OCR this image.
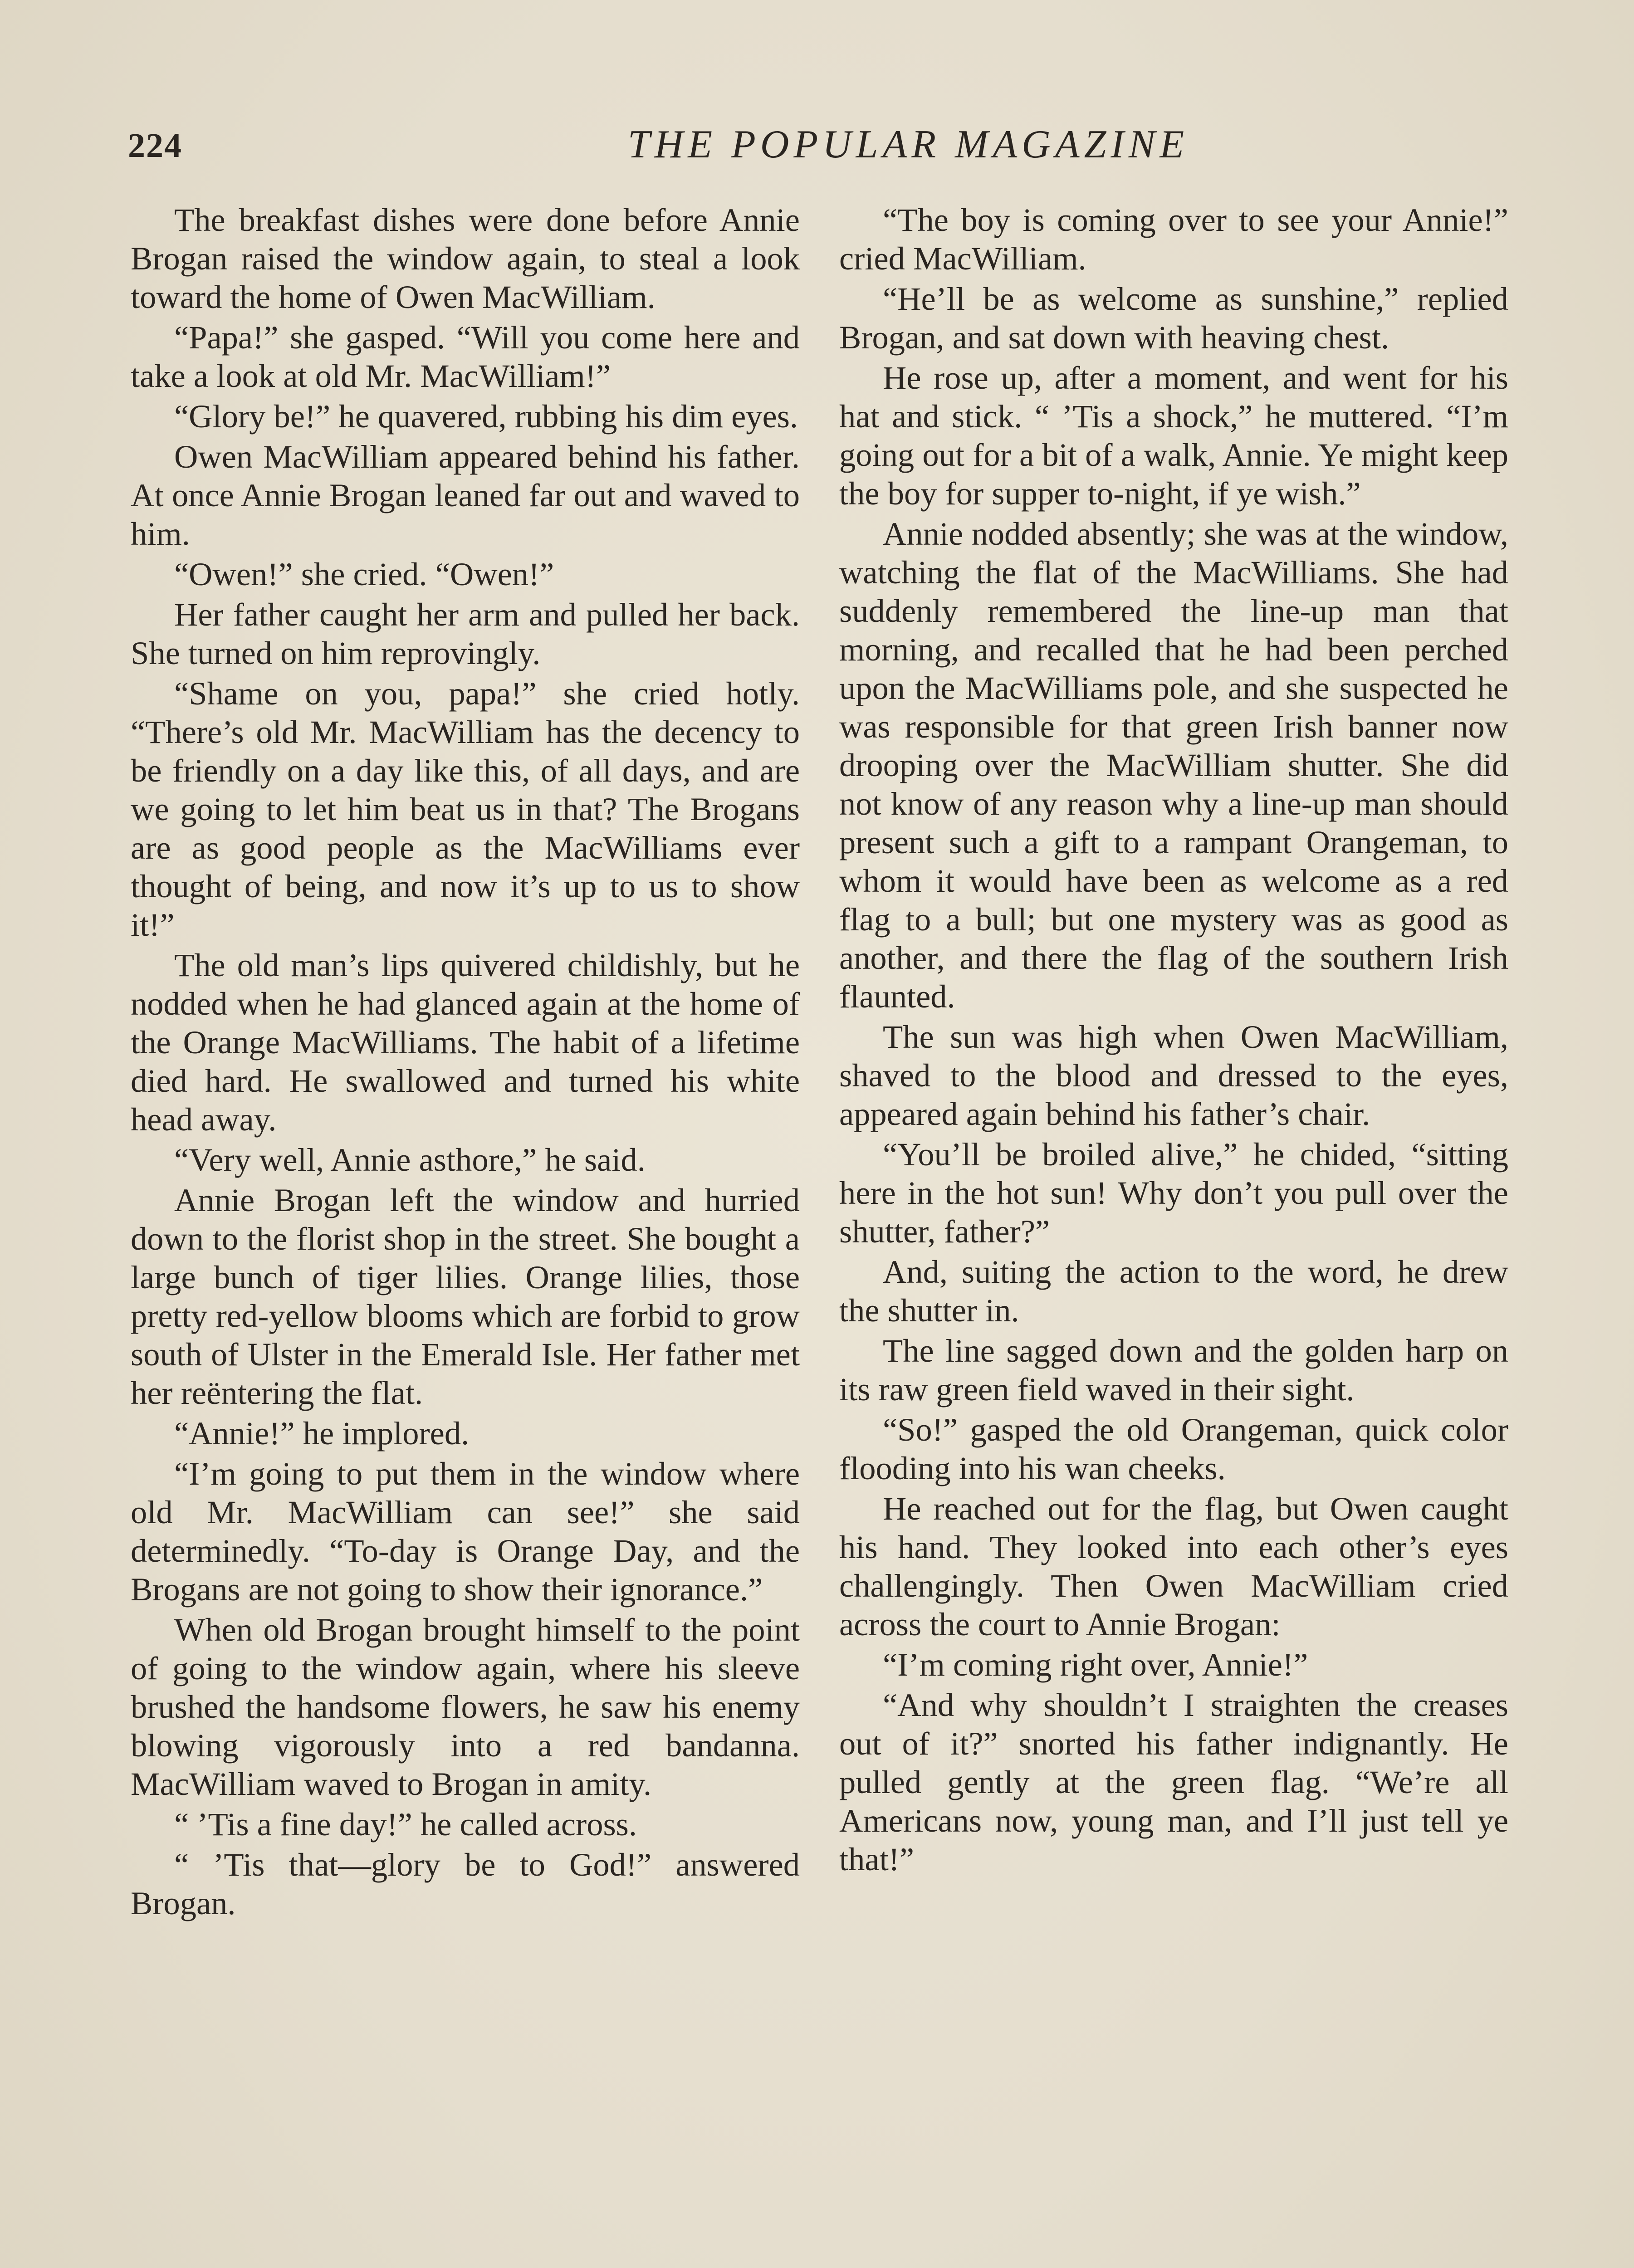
224	THE POPULAR MAGAZINE

The breakfast dishes were done before Annie Brogan raised the window again, to steal a look toward the home of Owen MacWilliam.

“Papa!” she gasped. “Will you come here and take a look at old Mr. MacWilliam!”

“Glory be!” he quavered, rubbing his dim eyes.

Owen MacWilliam appeared behind his father. At once Annie Brogan leaned far out and waved to him.

“Owen!” she cried. “Owen!”

Her father caught her arm and pulled her back. She turned on him reprovingly.

“Shame on you, papa!” she cried hotly. “There’s old Mr. MacWilliam has the decency to be friendly on a day like this, of all days, and are we going to let him beat us in that? The Brogans are as good people as the MacWilliams ever thought of being, and now it’s up to us to show it!”

The old man’s lips quivered childishly, but he nodded when he had glanced again at the home of the Orange MacWilliams. The habit of a lifetime died hard. He swallowed and turned his white head away.

“Very well, Annie asthore,” he said.

Annie Brogan left the window and hurried down to the florist shop in the street. She bought a large bunch of tiger lilies. Orange lilies, those pretty red-yellow blooms which are forbid to grow south of Ulster in the Emerald Isle. Her father met her reëntering the flat.

“Annie!” he implored.

“I’m going to put them in the window where old Mr. MacWilliam can see!” she said determinedly. “To-day is Orange Day, and the Brogans are not going to show their ignorance.”

When old Brogan brought himself to the point of going to the window again, where his sleeve brushed the handsome flowers, he saw his enemy blowing vigorously into a red bandanna. MacWilliam waved to Brogan in amity.

“ ’Tis a fine day!” he called across.

“ ’Tis that—glory be to God!” answered Brogan.

“The boy is coming over to see your Annie!” cried MacWilliam.

“He’ll be as welcome as sunshine,” replied Brogan, and sat down with heaving chest.

He rose up, after a moment, and went for his hat and stick. “ ’Tis a shock,” he muttered. “I’m going out for a bit of a walk, Annie. Ye might keep the boy for supper to-night, if ye wish.”

Annie nodded absently; she was at the window, watching the flat of the MacWilliams. She had suddenly remembered the line-up man that morning, and recalled that he had been perched upon the MacWilliams pole, and she suspected he was responsible for that green Irish banner now drooping over the MacWilliam shutter. She did not know of any reason why a line-up man should present such a gift to a rampant Orangeman, to whom it would have been as welcome as a red flag to a bull; but one mystery was as good as another, and there the flag of the southern Irish flaunted.

The sun was high when Owen MacWilliam, shaved to the blood and dressed to the eyes, appeared again behind his father’s chair.

“You’ll be broiled alive,” he chided, “sitting here in the hot sun! Why don’t you pull over the shutter, father?”

And, suiting the action to the word, he drew the shutter in.

The line sagged down and the golden harp on its raw green field waved in their sight.

“So!” gasped the old Orangeman, quick color flooding into his wan cheeks.

He reached out for the flag, but Owen caught his hand. They looked into each other’s eyes challengingly. Then Owen MacWilliam cried across the court to Annie Brogan:

“I’m coming right over, Annie!”

“And why shouldn’t I straighten the creases out of it?” snorted his father indignantly. He pulled gently at the green flag. “We’re all Americans now, young man, and I’ll just tell ye that!”
